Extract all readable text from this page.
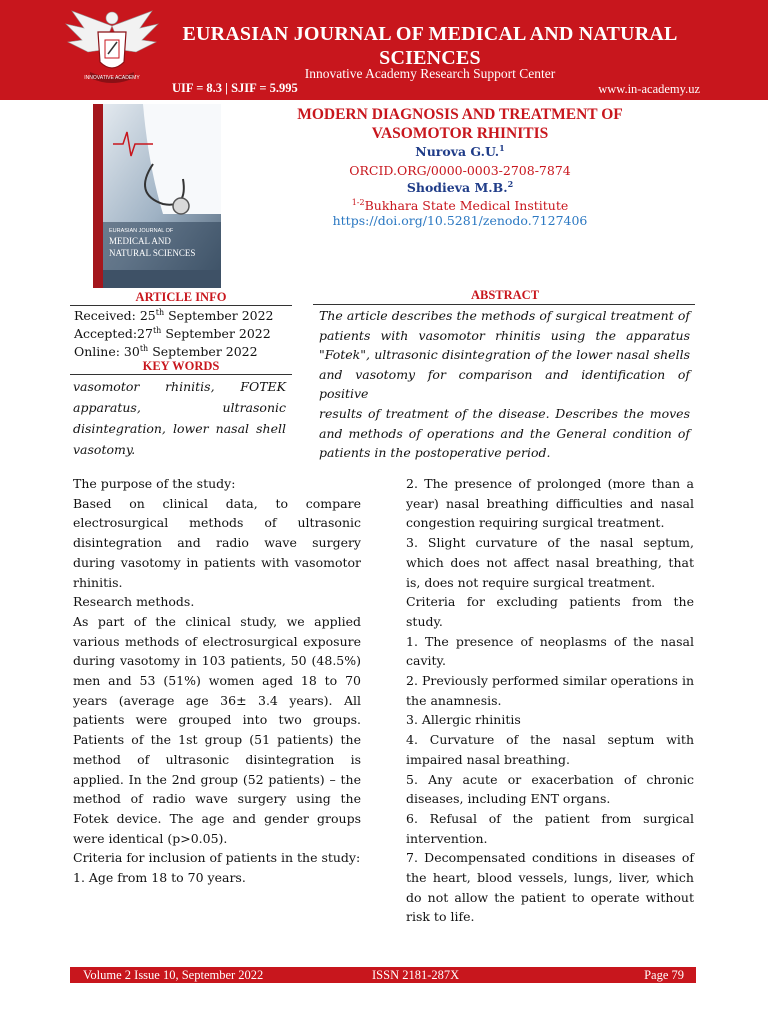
INNOVATIVE ACADEMY
EURASIAN JOURNAL OF MEDICAL AND NATURAL SCIENCES
Innovative Academy Research Support Center
UIF = 8.3 | SJIF = 5.995	www.in-academy.uz
EURASIAN JOURNAL OF
MEDICAL AND
NATURAL SCIENCES
MODERN DIAGNOSIS AND TREATMENT OF VASOMOTOR RHINITIS
Nurova G.U.$^1$
ORCID.ORG/0000-0003-2708-7874
Shodieva M.B.$^2$
$^{1-2}$Bukhara State Medical Institute
https://doi.org/10.5281/zenodo.7127406
ARTICLE INFO
Received: 25th September 2022
Accepted:27th September 2022
Online: 30th September 2022
KEY WORDS
vasomotor rhinitis, FOTEK apparatus, ultrasonic disintegration, lower nasal shell vasotomy.
ABSTRACT

The article describes the methods of surgical treatment of patients with vasomotor rhinitis using the apparatus "Fotek", ultrasonic disintegration of the lower nasal shells and vasotomy for comparison and identification of positive

results of treatment of the disease. Describes the moves and methods of operations and the General condition of patients in the postoperative period.

The purpose of the study:

Based on clinical data, to compare electrosurgical methods of ultrasonic disintegration and radio wave surgery during vasotomy in patients with vasomotor rhinitis.

Research methods.

As part of the clinical study, we applied various methods of electrosurgical exposure during vasotomy in 103 patients, 50 (48.5%) men and 53 (51%) women aged 18 to 70 years (average age 36± 3.4 years). All patients were grouped into two groups. Patients of the 1st group (51 patients) the method of ultrasonic disintegration is applied. In the 2nd group (52 patients) – the method of radio wave surgery using the Fotek device. The age and gender groups were identical (p>0.05).

Criteria for inclusion of patients in the study:

1. Age from 18 to 70 years.

2. The presence of prolonged (more than a year) nasal breathing difficulties and nasal congestion requiring surgical treatment.

3. Slight curvature of the nasal septum, which does not affect nasal breathing, that is, does not require surgical treatment.

Criteria for excluding patients from the study.

1. The presence of neoplasms of the nasal cavity.

2. Previously performed similar operations in the anamnesis.

3. Allergic rhinitis

4. Curvature of the nasal septum with impaired nasal breathing.

5. Any acute or exacerbation of chronic diseases, including ENT organs.

6. Refusal of the patient from surgical intervention.

7. Decompensated conditions in diseases of the heart, blood vessels, lungs, liver, which do not allow the patient to operate without risk to life.

Volume 2 Issue 10, September 2022	ISSN 2181-287X	Page 79
